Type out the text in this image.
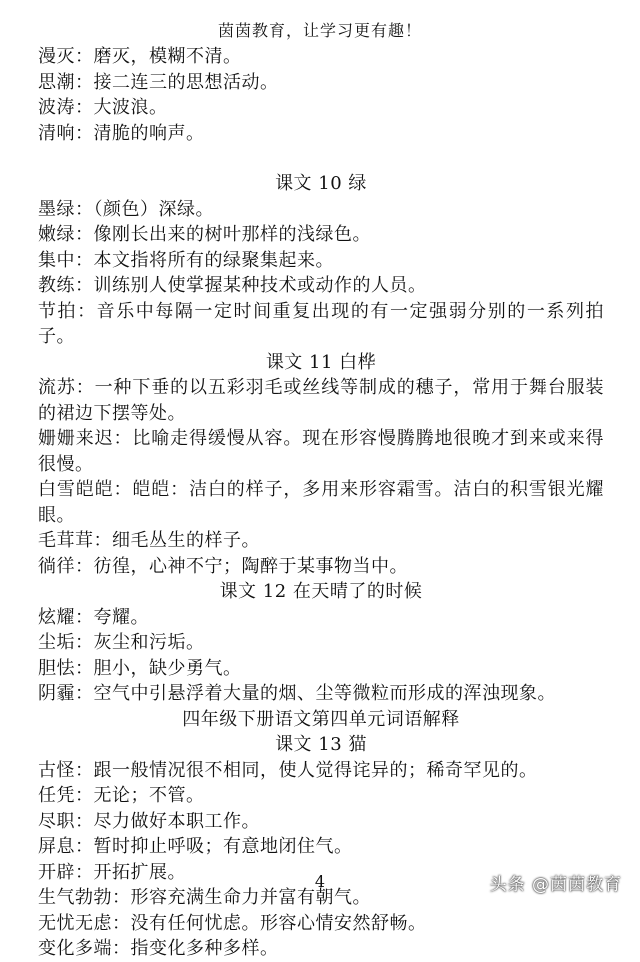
茵茵教育，让学习更有趣！
漫灭：磨灭，模糊不清。
思潮：接二连三的思想活动。
波涛：大波浪。
清响：清脆的响声。
课文 10 绿
墨绿：（颜色）深绿。
嫩绿：像刚长出来的树叶那样的浅绿色。
集中：本文指将所有的绿聚集起来。
教练：训练别人使掌握某种技术或动作的人员。
节拍：音乐中每隔一定时间重复出现的有一定强弱分别的一系列拍子。
课文 11 白桦
流苏：一种下垂的以五彩羽毛或丝线等制成的穗子，常用于舞台服装的裙边下摆等处。
姗姗来迟：比喻走得缓慢从容。现在形容慢腾腾地很晚才到来或来得很慢。
白雪皑皑：皑皑：洁白的样子，多用来形容霜雪。洁白的积雪银光耀眼。
毛茸茸：细毛丛生的样子。
徜徉：彷徨，心神不宁；陶醉于某事物当中。
课文 12 在天晴了的时候
炫耀：夸耀。
尘垢：灰尘和污垢。
胆怯：胆小，缺少勇气。
阴霾：空气中引悬浮着大量的烟、尘等微粒而形成的浑浊现象。
四年级下册语文第四单元词语解释
课文 13 猫
古怪：跟一般情况很不相同，使人觉得诧异的；稀奇罕见的。
任凭：无论；不管。
尽职：尽力做好本职工作。
屏息：暂时抑止呼吸；有意地闭住气。
开辟：开拓扩展。
生气勃勃：形容充满生命力并富有朝气。
无忧无虑：没有任何忧虑。形容心情安然舒畅。
变化多端：指变化多种多样。
4	头条 @茵茵教育
